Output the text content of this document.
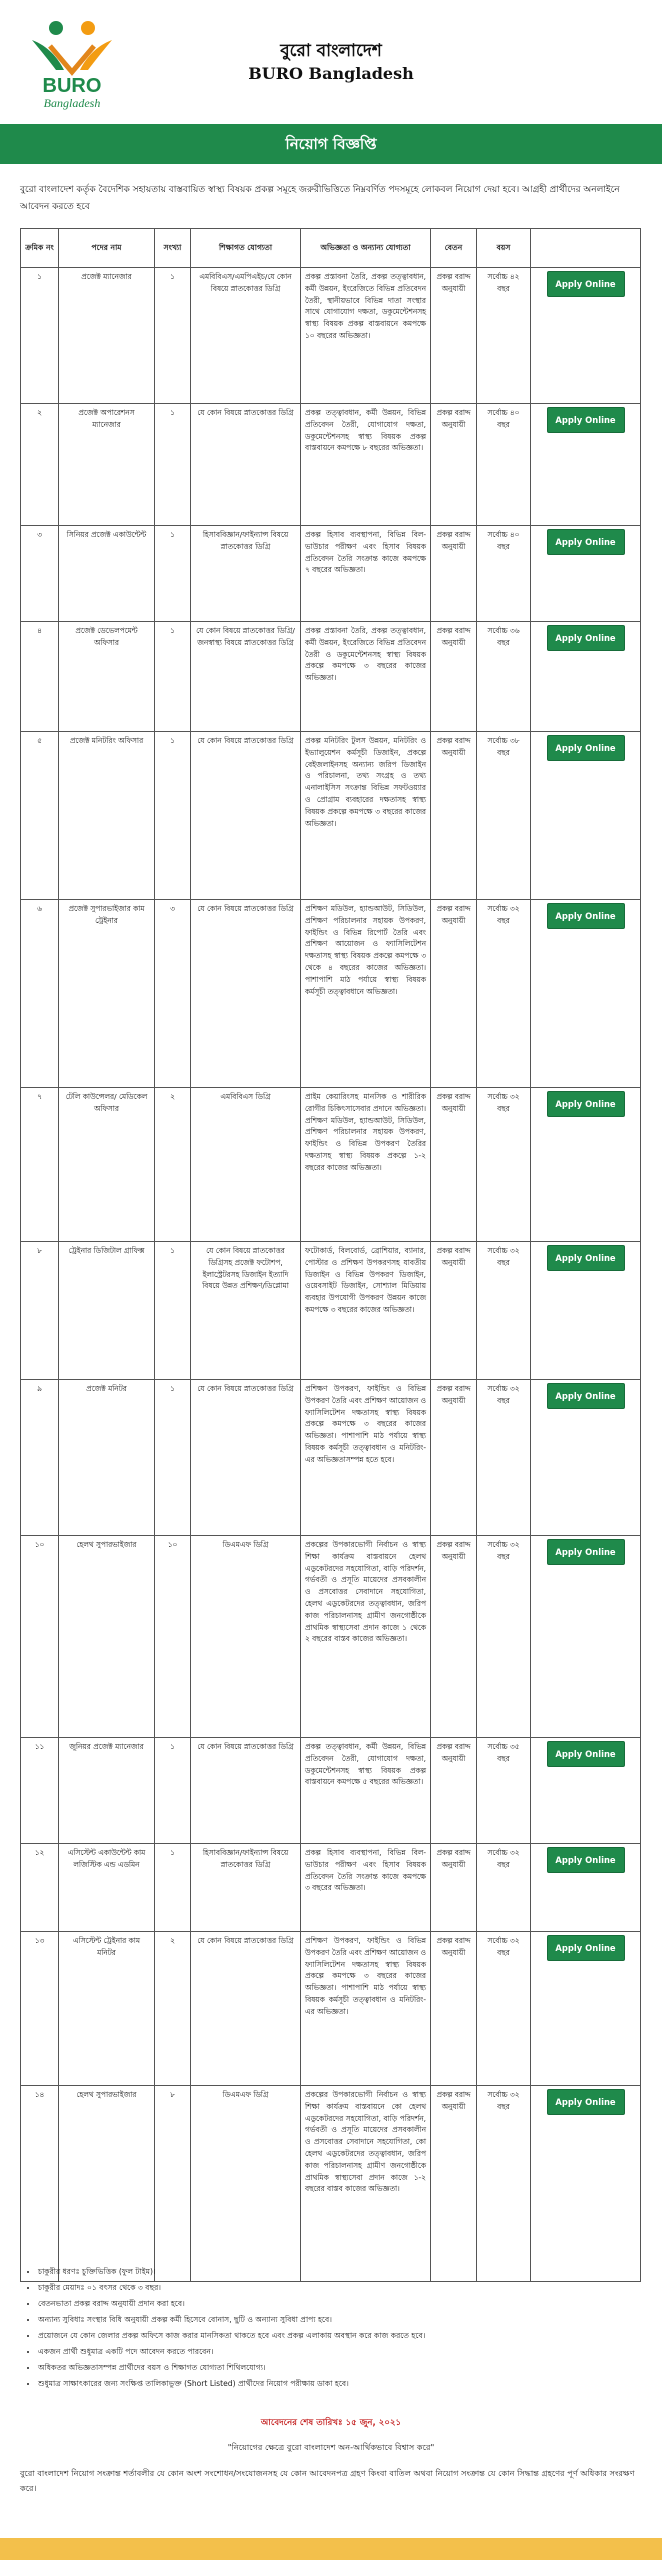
BURO
Bangladesh
বুরো বাংলাদেশ
BURO Bangladesh
নিয়োগ বিজ্ঞপ্তি
বুরো বাংলাদেশ কর্তৃক বৈদেশিক সহায়তায় বাস্তবায়িত স্বাস্থ্য বিষয়ক প্রকল্প সমূহে জরুরীভিত্তিতে নিম্নবর্ণিত পদসমূহে লোকবল নিয়োগ দেয়া হবে। আগ্রহী প্রার্থীদের অনলাইনে আবেদন করতে হবে
ক্রমিক নং	পদের নাম	সংখ্যা	শিক্ষাগত যোগ্যতা	অভিজ্ঞতা ও অন্যান্য যোগ্যতা	বেতন	বয়স	
১	প্রজেক্ট ম্যানেজার	১	এমবিবিএস/এমপিএইচ/যে কোন বিষয়ে স্নাতকোত্তর ডিগ্রি	প্রকল্প প্রস্তাবনা তৈরি, প্রকল্প তত্ত্বাবধান, কর্মী উন্নয়ন, ইংরেজিতে বিভিন্ন প্রতিবেদন তৈরী, স্থানীয়ভাবে বিভিন্ন দাতা সংস্থার সাথে যোগাযোগ দক্ষতা, ডকুমেন্টেশনসহ স্বাস্থ্য বিষয়ক প্রকল্প বাস্তবায়নে কমপক্ষে ১০ বছরের অভিজ্ঞতা।	প্রকল্প বরাদ্দ অনুযায়ী	সর্বোচ্চ ৪২ বছর	Apply Online
২	প্রজেক্ট অপারেশনস ম্যানেজার	১	যে কোন বিষয়ে স্নাতকোত্তর ডিগ্রি	প্রকল্প তত্ত্বাবধান, কর্মী উন্নয়ন, বিভিন্ন প্রতিবেদন তৈরী, যোগাযোগ দক্ষতা, ডকুমেন্টেশনসহ স্বাস্থ্য বিষয়ক প্রকল্প বাস্তবায়নে কমপক্ষে ৮ বছরের অভিজ্ঞতা।	প্রকল্প বরাদ্দ অনুযায়ী	সর্বোচ্চ ৪০ বছর	Apply Online
৩	সিনিয়র প্রজেক্ট একাউন্টেন্ট	১	হিসাববিজ্ঞান/ফাইন্যান্স বিষয়ে স্নাতকোত্তর ডিগ্রি	প্রকল্প হিসাব ব্যবস্থাপনা, বিভিন্ন বিল-ভাউচার পরীক্ষণ এবং হিসাব বিষয়ক প্রতিবেদন তৈরি সংক্রান্ত কাজে কমপক্ষে ৭ বছরের অভিজ্ঞতা।	প্রকল্প বরাদ্দ অনুযায়ী	সর্বোচ্চ ৪০ বছর	Apply Online
৪	প্রজেক্ট ডেভেলপমেন্ট অফিসার	১	যে কোন বিষয়ে স্নাতকোত্তর ডিগ্রি/জনস্বাস্থ্য বিষয়ে স্নাতকোত্তর ডিগ্রি	প্রকল্প প্রস্তাবনা তৈরি, প্রকল্প তত্ত্বাবধান, কর্মী উন্নয়ন, ইংরেজিতে বিভিন্ন প্রতিবেদন তৈরী ও ডকুমেন্টেশনসহ স্বাস্থ্য বিষয়ক প্রকল্পে কমপক্ষে ৩ বছরের কাজের অভিজ্ঞতা।	প্রকল্প বরাদ্দ অনুযায়ী	সর্বোচ্চ ৩৬ বছর	Apply Online
৫	প্রজেক্ট মনিটরিং অফিসার	১	যে কোন বিষয়ে স্নাতকোত্তর ডিগ্রি	প্রকল্প মনিটরিং টুলস উন্নয়ন, মনিটরিং ও ইভ্যালুয়েশন কর্মসূচী ডিজাইন, প্রকল্পে বেইজলাইনসহ অন্যান্য জরিপ ডিজাইন ও পরিচালনা, তথ্য সংগ্রহ ও তথ্য এনালাইসিস সংক্রান্ত বিভিন্ন সফটওয়্যার ও প্রোগ্রাম ব্যবহারের দক্ষতাসহ স্বাস্থ্য বিষয়ক প্রকল্পে কমপক্ষে ৩ বছরের কাজের অভিজ্ঞতা।	প্রকল্প বরাদ্দ অনুযায়ী	সর্বোচ্চ ৩৮ বছর	Apply Online
৬	প্রজেক্ট সুপারভাইজার কাম ট্রেইনার	৩	যে কোন বিষয়ে স্নাতকোত্তর ডিগ্রি	প্রশিক্ষণ মডিউল, হ্যান্ডআউট, সিডিউল, প্রশিক্ষণ পরিচালনার সহায়ক উপকরণ, ফাইন্ডিং ও বিভিন্ন রিপোর্ট তৈরি এবং প্রশিক্ষণ আয়োজন ও ফ্যাসিলিটেশন দক্ষতাসহ স্বাস্থ্য বিষয়ক প্রকল্পে কমপক্ষে ৩ থেকে ৪ বছরের কাজের অভিজ্ঞতা। পাশাপাশি মাঠ পর্যায়ে স্বাস্থ্য বিষয়ক কর্মসূচী তত্ত্বাবধানে অভিজ্ঞতা।	প্রকল্প বরাদ্দ অনুযায়ী	সর্বোচ্চ ৩২ বছর	Apply Online
৭	টেলি কাউন্সেলর/ মেডিকেল অফিসার	২	এমবিবিএস ডিগ্রি	প্রাইম কেয়ারিংসহ মানসিক ও শারীরিক রোগীর চিকিৎসাসেবার প্রদানে অভিজ্ঞতা। প্রশিক্ষণ মডিউল, হ্যান্ডআউট, সিডিউল, প্রশিক্ষণ পরিচালনার সহায়ক উপকরণ, ফাইন্ডিং ও বিভিন্ন উপকরণ তৈরির দক্ষতাসহ স্বাস্থ্য বিষয়ক প্রকল্পে ১-২ বছরের কাজের অভিজ্ঞতা।	প্রকল্প বরাদ্দ অনুযায়ী	সর্বোচ্চ ৩২ বছর	Apply Online
৮	ট্রেইনার ডিজিটাল গ্রাফিক্স	১	যে কোন বিষয়ে স্নাতকোত্তর ডিগ্রিসহ প্রজেক্ট ফটোশপ, ইলাস্ট্রেটরসহ ডিজাইন ইত্যাদি বিষয়ে উন্নত প্রশিক্ষণ/ডিপ্লোমা	ফটোকার্ড, বিলবোর্ড, ব্রোশিয়ার, ব্যানার, পোস্টার ও প্রশিক্ষণ উপকরণসহ যাবতীয় ডিজাইন ও বিভিন্ন উপকরণ ডিজাইন, ওয়েবসাইট ডিজাইন, সোশ্যাল মিডিয়ায় ব্যবহার উপযোগী উপকরণ উন্নয়ন কাজে কমপক্ষে ৩ বছরের কাজের অভিজ্ঞতা।	প্রকল্প বরাদ্দ অনুযায়ী	সর্বোচ্চ ৩২ বছর	Apply Online
৯	প্রজেক্ট মনিটর	১	যে কোন বিষয়ে স্নাতকোত্তর ডিগ্রি	প্রশিক্ষণ উপকরণ, ফাইন্ডিং ও বিভিন্ন উপকরণ তৈরি এবং প্রশিক্ষণ আয়োজন ও ফ্যাসিলিটেশন দক্ষতাসহ স্বাস্থ্য বিষয়ক প্রকল্পে কমপক্ষে ৩ বছরের কাজের অভিজ্ঞতা। পাশাপাশি মাঠ পর্যায়ে স্বাস্থ্য বিষয়ক কর্মসূচী তত্ত্বাবধান ও মনিটরিং-এর অভিজ্ঞতাসম্পন্ন হতে হবে।	প্রকল্প বরাদ্দ অনুযায়ী	সর্বোচ্চ ৩২ বছর	Apply Online
১০	হেলথ সুপারভাইজার	১০	ডিএমএফ ডিগ্রি	প্রকল্পের উপকারভোগী নির্বাচন ও স্বাস্থ্য শিক্ষা কার্যক্রম বাস্তবায়নে হেলথ এডুকেটরদের সহযোগিতা, বাড়ি পরিদর্শন, গর্ভবতী ও প্রসূতি মায়েদের প্রসবকালীন ও প্রসবোত্তর সেবাদানে সহযোগিতা, হেলথ এডুকেটরদের তত্ত্বাবধান, জরিপ কাজ পরিচালনাসহ গ্রামীণ জনগোষ্ঠীকে প্রাথমিক স্বাস্থ্যসেবা প্রদান কাজে ১ থেকে ২ বছরের বাস্তব কাজের অভিজ্ঞতা।	প্রকল্প বরাদ্দ অনুযায়ী	সর্বোচ্চ ৩২ বছর	Apply Online
১১	জুনিয়র প্রজেক্ট ম্যানেজার	১	যে কোন বিষয়ে স্নাতকোত্তর ডিগ্রি	প্রকল্প তত্ত্বাবধান, কর্মী উন্নয়ন, বিভিন্ন প্রতিবেদন তৈরী, যোগাযোগ দক্ষতা, ডকুমেন্টেশনসহ স্বাস্থ্য বিষয়ক প্রকল্প বাস্তবায়নে কমপক্ষে ৫ বছরের অভিজ্ঞতা।	প্রকল্প বরাদ্দ অনুযায়ী	সর্বোচ্চ ৩৫ বছর	Apply Online
১২	এসিস্টেন্ট একাউন্টেন্ট কাম লজিস্টিক এন্ড এডমিন	১	হিসাববিজ্ঞান/ফাইন্যান্স বিষয়ে স্নাতকোত্তর ডিগ্রি	প্রকল্প হিসাব ব্যবস্থাপনা, বিভিন্ন বিল-ভাউচার পরীক্ষণ এবং হিসাব বিষয়ক প্রতিবেদন তৈরি সংক্রান্ত কাজে কমপক্ষে ৩ বছরের অভিজ্ঞতা।	প্রকল্প বরাদ্দ অনুযায়ী	সর্বোচ্চ ৩২ বছর	Apply Online
১৩	এসিস্টেন্ট ট্রেইনার কাম মনিটর	২	যে কোন বিষয়ে স্নাতকোত্তর ডিগ্রি	প্রশিক্ষণ উপকরণ, ফাইন্ডিং ও বিভিন্ন উপকরণ তৈরি এবং প্রশিক্ষণ আয়োজন ও ফ্যাসিলিটেশন দক্ষতাসহ স্বাস্থ্য বিষয়ক প্রকল্পে কমপক্ষে ৩ বছরের কাজের অভিজ্ঞতা। পাশাপাশি মাঠ পর্যায়ে স্বাস্থ্য বিষয়ক কর্মসূচী তত্ত্বাবধান ও মনিটরিং-এর অভিজ্ঞতা।	প্রকল্প বরাদ্দ অনুযায়ী	সর্বোচ্চ ৩২ বছর	Apply Online
১৪	হেলথ সুপারভাইজার	৮	ডিএমএফ ডিগ্রি	প্রকল্পের উপকারভোগী নির্বাচন ও স্বাস্থ্য শিক্ষা কার্যক্রম বাস্তবায়নে কো হেলথ এডুকেটরদের সহযোগিতা, বাড়ি পরিদর্শন, গর্ভবতী ও প্রসূতি মায়েদের প্রসবকালীন ও প্রসবোত্তর সেবাদানে সহযোগিতা, কো হেলথ এডুকেটরদের তত্ত্বাবধান, জরিপ কাজ পরিচালনাসহ গ্রামীণ জনগোষ্ঠীকে প্রাথমিক স্বাস্থ্যসেবা প্রদান কাজে ১-২ বছরের বাস্তব কাজের অভিজ্ঞতা।	প্রকল্প বরাদ্দ অনুযায়ী	সর্বোচ্চ ৩২ বছর	Apply Online
• চাকুরীর ধরণঃ চুক্তিভিত্তিক (ফুল টাইম)।
• চাকুরীর মেয়াদঃ ০১ বৎসর থেকে ৩ বছর।
• বেতনভাতা প্রকল্প বরাদ্দ অনুযায়ী প্রদান করা হবে।
• অন্যান্য সুবিধাঃ সংস্থার বিধি অনুযায়ী প্রকল্প কর্মী হিসেবে বোনাস, ছুটি ও অন্যান্য সুবিধা প্রাপ্য হবে।
• প্রয়োজনে যে কোন জেলার প্রকল্প অফিসে কাজ করার মানসিকতা থাকতে হবে এবং প্রকল্প এলাকায় অবস্থান করে কাজ করতে হবে।
• একজন প্রার্থী শুধুমাত্র একটি পদে আবেদন করতে পারবেন।
• অধিকতর অভিজ্ঞতাসম্পন্ন প্রার্থীদের বয়স ও শিক্ষাগত যোগ্যতা শিথিলযোগ্য।
• শুধুমাত্র সাক্ষাৎকারের জন্য সংক্ষিপ্ত তালিকাভুক্ত (Short Listed) প্রার্থীদের নিয়োগ পরীক্ষায় ডাকা হবে।
আবেদনের শেষ তারিখঃ ১৫ জুন, ২০২১
"নিয়োগের ক্ষেত্রে বুরো বাংলাদেশ অন-আর্থিকভাবে বিশ্বাস করে"
বুরো বাংলাদেশ নিয়োগ সংক্রান্ত শর্তাবলীর যে কোন অংশ সংশোধন/সংযোজনসহ যে কোন আবেদনপত্র গ্রহণ কিংবা বাতিল অথবা নিয়োগ সংক্রান্ত যে কোন সিদ্ধান্ত গ্রহণের পূর্ণ অধিকার সংরক্ষণ করে।
